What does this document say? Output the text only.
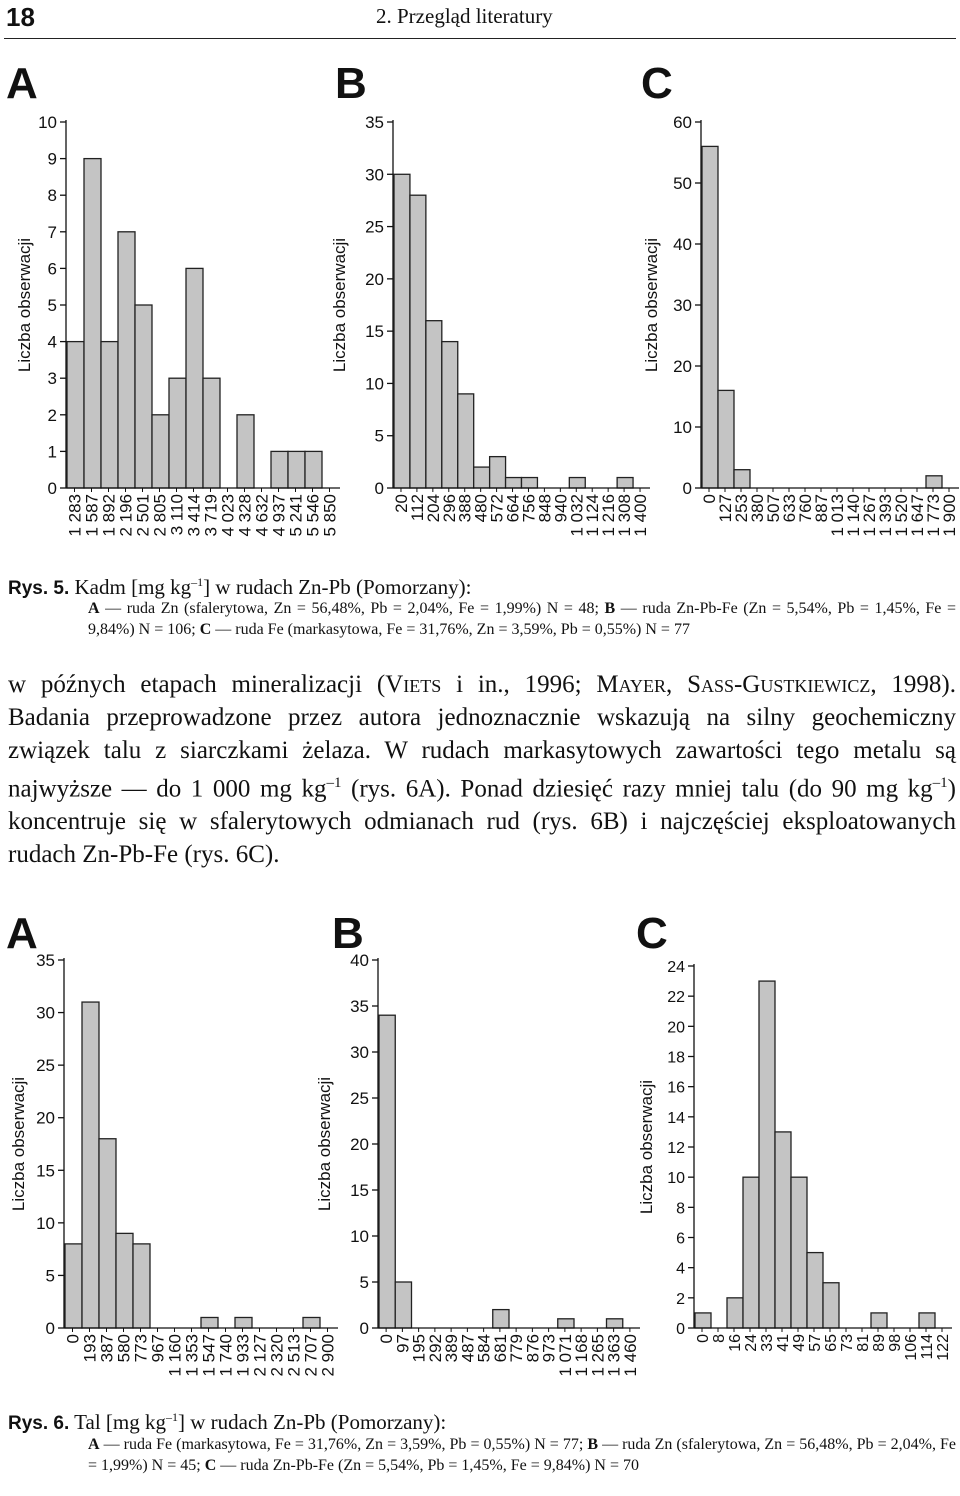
18	2. Przegląd literatury
A
Liczba obserwacji
0
1
2
3
4
5
6
7
8
9
10
1 283
1 587
1 892
2 196
2 501
2 805
3 110
3 414
3 719
4 023
4 328
4 632
4 937
5 241
5 546
5 850
B
Liczba obserwacji
0
5
10
15
20
25
30
35
20
112
204
296
388
480
572
664
756
848
940
1 032
1 124
1 216
1 308
1 400
C
Liczba obserwacji
0
10
20
30
40
50
60
0
127
253
380
507
633
760
887
1 013
1 140
1 267
1 393
1 520
1 647
1 773
1 900
Rys. 5. Kadm [mg $kg^{-1}$] w rudach Zn-Pb (Pomorzany):
A — ruda Zn (sfalerytowa, Zn = 56,48%, Pb = 2,04%, Fe = 1,99%) N = 48; B — ruda Zn-Pb-Fe (Zn = 5,54%, Pb = 1,45%, Fe = 9,84%) N = 106; C — ruda Fe (markasytowa, Fe = 31,76%, Zn = 3,59%, Pb = 0,55%) N = 77
w późnych etapach mineralizacji (Viets i in., 1996; Mayer, Sass-Gustkiewicz, 1998). Badania przeprowadzone przez autora jednoznacznie wskazują na silny geochemiczny związek talu z siarczkami żelaza. W rudach markasytowych zawartości tego metalu są najwyższe — do 1 000 mg $kg^{-1}$ (rys. 6A). Ponad dziesięć razy mniej talu (do 90 mg $kg^{-1}$) koncentruje się w sfalerytowych odmianach rud (rys. 6B) i najczęściej eksploatowanych rudach Zn-Pb-Fe (rys. 6C).
A
Liczba obserwacji
0
5
10
15
20
25
30
35
0
193
387
580
773
967
1 160
1 353
1 547
1 740
1 933
2 127
2 320
2 513
2 707
2 900
B
Liczba obserwacji
0
5
10
15
20
25
30
35
40
0
97
195
292
389
487
584
681
779
876
973
1 071
1 168
1 265
1 363
1 460
C
Liczba obserwacji
0
2
4
6
8
10
12
14
16
18
20
22
24
0 8 16 24 33 41 49 57 65 73 81 89 98 106 114 122
Rys. 6. Tal [mg $kg^{-1}$] w rudach Zn-Pb (Pomorzany):
A — ruda Fe (markasytowa, Fe = 31,76%, Zn = 3,59%, Pb = 0,55%) N = 77; B — ruda Zn (sfalerytowa, Zn = 56,48%, Pb = 2,04%, Fe = 1,99%) N = 45; C — ruda Zn-Pb-Fe (Zn = 5,54%, Pb = 1,45%, Fe = 9,84%) N = 70
